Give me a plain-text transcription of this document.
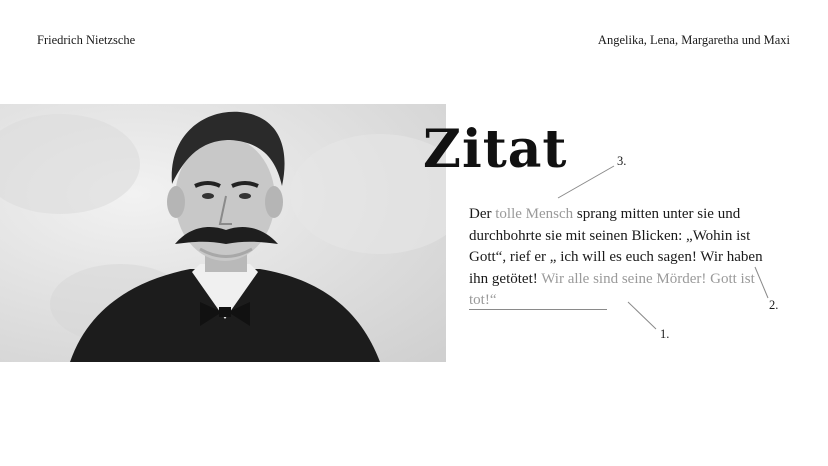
Friedrich Nietzsche	Angelika, Lena, Margaretha und Maxi
Zitat
Der tolle Mensch sprang mitten unter sie und durchbohrte sie mit seinen Blicken: „Wohin ist Gott“, rief er „ ich will es euch sagen! Wir haben ihn getötet! Wir alle sind seine Mörder! Gott ist tot!“
3.
2.
1.
